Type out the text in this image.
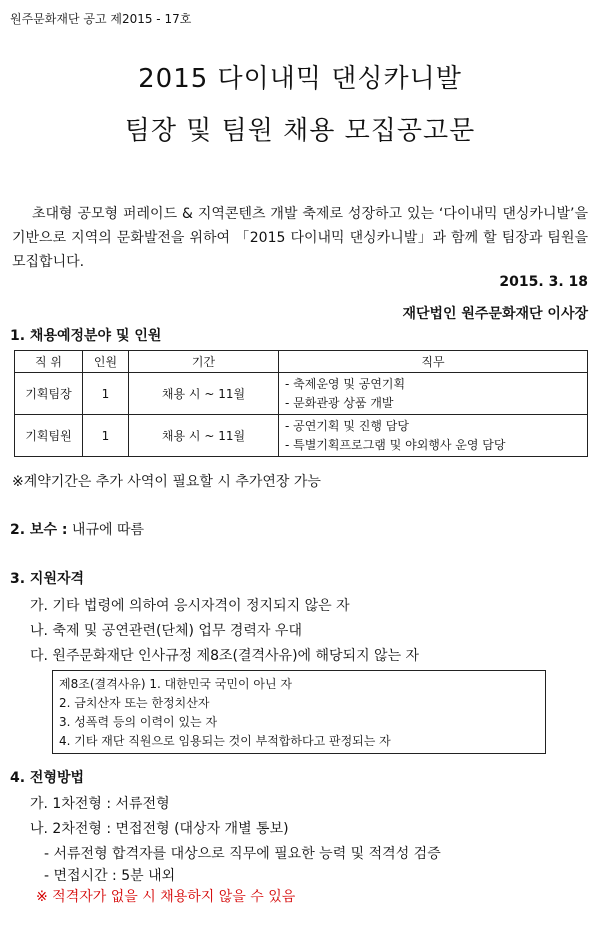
원주문화재단 공고 제2015 - 17호
2015 다이내믹 댄싱카니발
팀장 및 팀원 채용 모집공고문
초대형 공모형 퍼레이드 & 지역콘텐츠 개발 축제로 성장하고 있는 ‘다이내믹 댄싱카니발’을 기반으로 지역의 문화발전을 위하여 「2015 다이내믹 댄싱카니발」과 함께 할 팀장과 팀원을 모집합니다.
2015. 3. 18
재단법인 원주문화재단 이사장
1. 채용예정분야 및 인원
직 위	인원	기간	직무
기획팀장	1	채용 시 ~ 11월	- 축제운영 및 공연기획
- 문화관광 상품 개발

기획팀원	1	채용 시 ~ 11월	- 공연기획 및 진행 담당
- 특별기획프로그램 및 야외행사 운영 담당
※계약기간은 추가 사역이 필요할 시 추가연장 가능
2. 보수 : 내규에 따름
3. 지원자격
가. 기타 법령에 의하여 응시자격이 정지되지 않은 자
나. 축제 및 공연관련(단체) 업무 경력자 우대
다. 원주문화재단 인사규정 제8조(결격사유)에 해당되지 않는 자
제8조(결격사유) 1. 대한민국 국민이 아닌 자
2. 금치산자 또는 한정치산자
3. 성폭력 등의 이력이 있는 자
4. 기타 재단 직원으로 임용되는 것이 부적합하다고 판정되는 자
4. 전형방법
가. 1차전형 : 서류전형
나. 2차전형 : 면접전형 (대상자 개별 통보)
- 서류전형 합격자를 대상으로 직무에 필요한 능력 및 적격성 검증
- 면접시간 : 5분 내외
※ 적격자가 없을 시 채용하지 않을 수 있음
